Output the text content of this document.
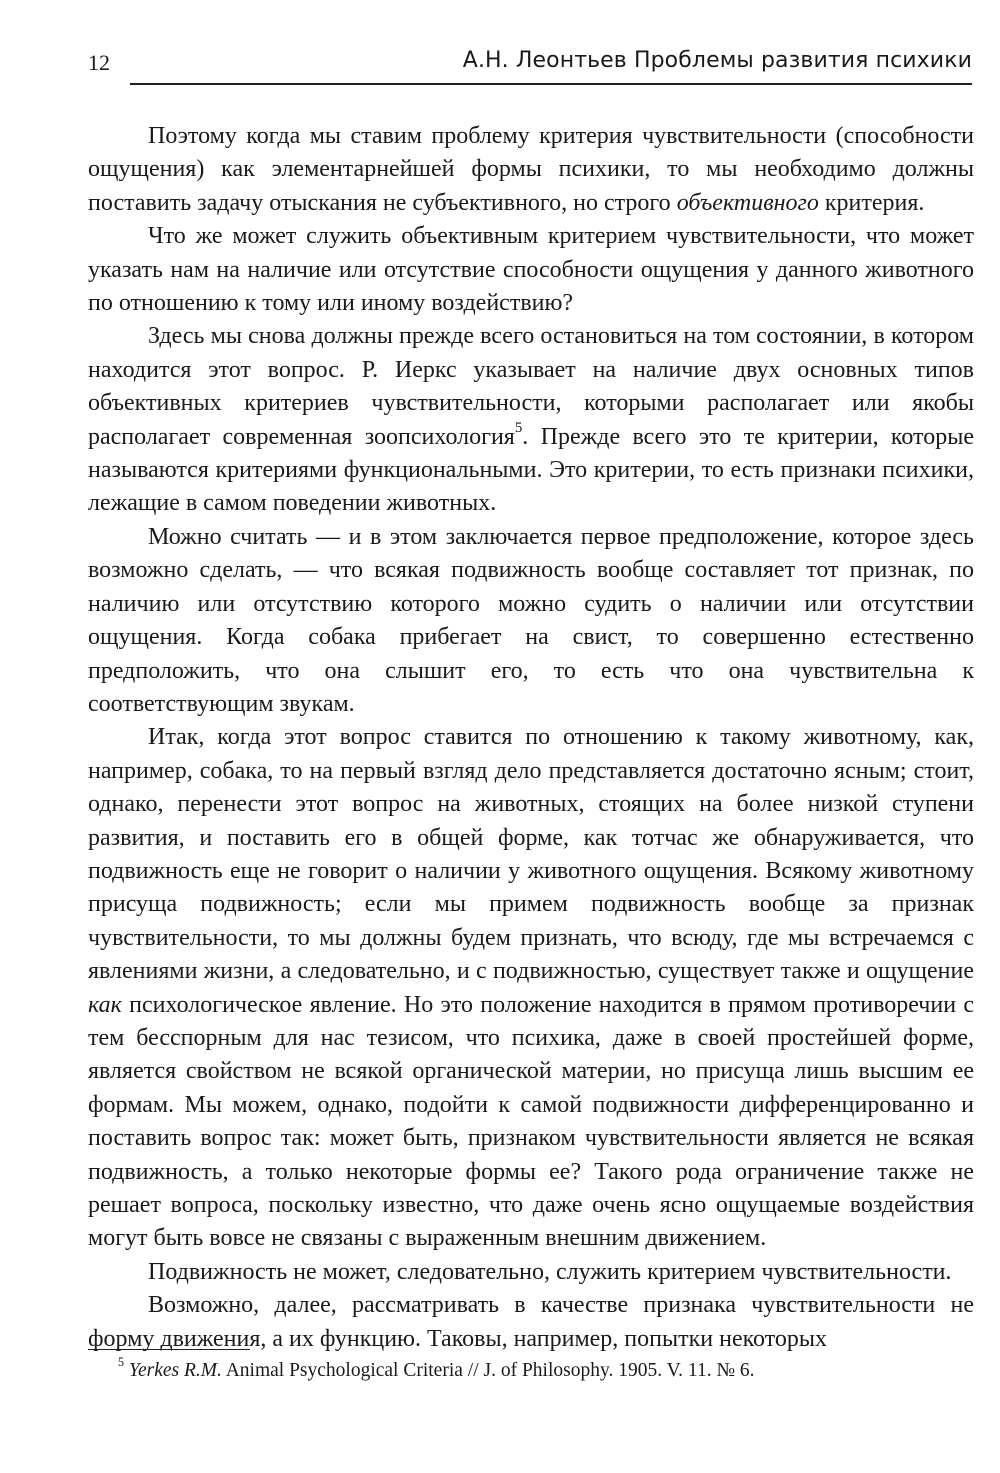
12	А.Н. Леонтьев Проблемы развития психики

Поэтому когда мы ставим проблему критерия чувствительности (способности ощущения) как элементарнейшей формы психики, то мы необходимо должны поставить задачу отыскания не субъективного, но строго объективного критерия.

Что же может служить объективным критерием чувствительности, что может указать нам на наличие или отсутствие способности ощущения у данного животного по отношению к тому или иному воздействию?

Здесь мы снова должны прежде всего остановиться на том состоянии, в котором находится этот вопрос. Р. Иеркс указывает на наличие двух основных типов объективных критериев чувствительности, которыми располагает или якобы располагает современная зоопсихология$^5$. Прежде всего это те критерии, которые называются критериями функциональными. Это критерии, то есть признаки психики, лежащие в самом поведении животных.

Можно считать — и в этом заключается первое предположение, которое здесь возможно сделать, — что всякая подвижность вообще составляет тот признак, по наличию или отсутствию которого можно судить о наличии или отсутствии ощущения. Когда собака прибегает на свист, то совершенно естественно предположить, что она слышит его, то есть что она чувствительна к соответствующим звукам.

Итак, когда этот вопрос ставится по отношению к такому животному, как, например, собака, то на первый взгляд дело представляется достаточно ясным; стоит, однако, перенести этот вопрос на животных, стоящих на более низкой ступени развития, и поставить его в общей форме, как тотчас же обнаруживается, что подвижность еще не говорит о наличии у животного ощущения. Всякому животному присуща подвижность; если мы примем подвижность вообще за признак чувствительности, то мы должны будем признать, что всюду, где мы встречаемся с явлениями жизни, а следовательно, и с подвижностью, существует также и ощущение как психологическое явление. Но это положение находится в прямом противоречии с тем бесспорным для нас тезисом, что психика, даже в своей простейшей форме, является свойством не всякой органической материи, но присуща лишь высшим ее формам. Мы можем, однако, подойти к самой подвижности дифференцированно и поставить вопрос так: может быть, признаком чувствительности является не всякая подвижность, а только некоторые формы ее? Такого рода ограничение также не решает вопроса, поскольку известно, что даже очень ясно ощущаемые воздействия могут быть вовсе не связаны с выраженным внешним движением.

Подвижность не может, следовательно, служить критерием чувствительности.

Возможно, далее, рассматривать в качестве признака чувствительности не форму движения, а их функцию. Таковы, например, попытки некоторых

$^5$ Yerkes R.M. Animal Psychological Criteria // J. of Philosophy. 1905. V. 11. № 6.
